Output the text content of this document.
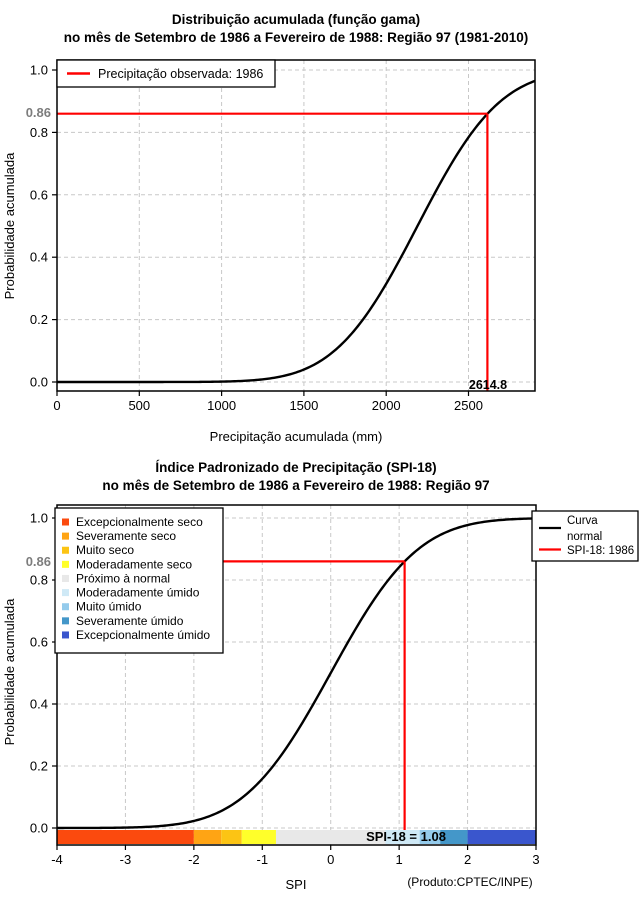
Distribuição acumulada (função gama)
no mês de Setembro de 1986 a Fevereiro de 1988: Região 97 (1981-2010)
Probabilidade acumulada
Precipitação acumulada (mm)
2614.8
0	500	1000	1500	2000	2500
0.0
0.2
0.4
0.6
0.8
1.0
0.86
Precipitação observada: 1986
Índice Padronizado de Precipitação (SPI-18)
no mês de Setembro de 1986 a Fevereiro de 1988: Região 97
Probabilidade acumulada
SPI	(Produto:CPTEC/INPE)
SPI-18 = 1.08
-4	-3	-2	-1	0	1	2	3
0.0
0.2
0.4
0.6
0.8
1.0
0.86
Excepcionalmente seco
Severamente seco
Muito seco
Moderadamente seco
Próximo à normal
Moderadamente úmido
Muito úmido
Severamente úmido
Excepcionalmente úmido
Curva
normal
SPI-18: 1986
